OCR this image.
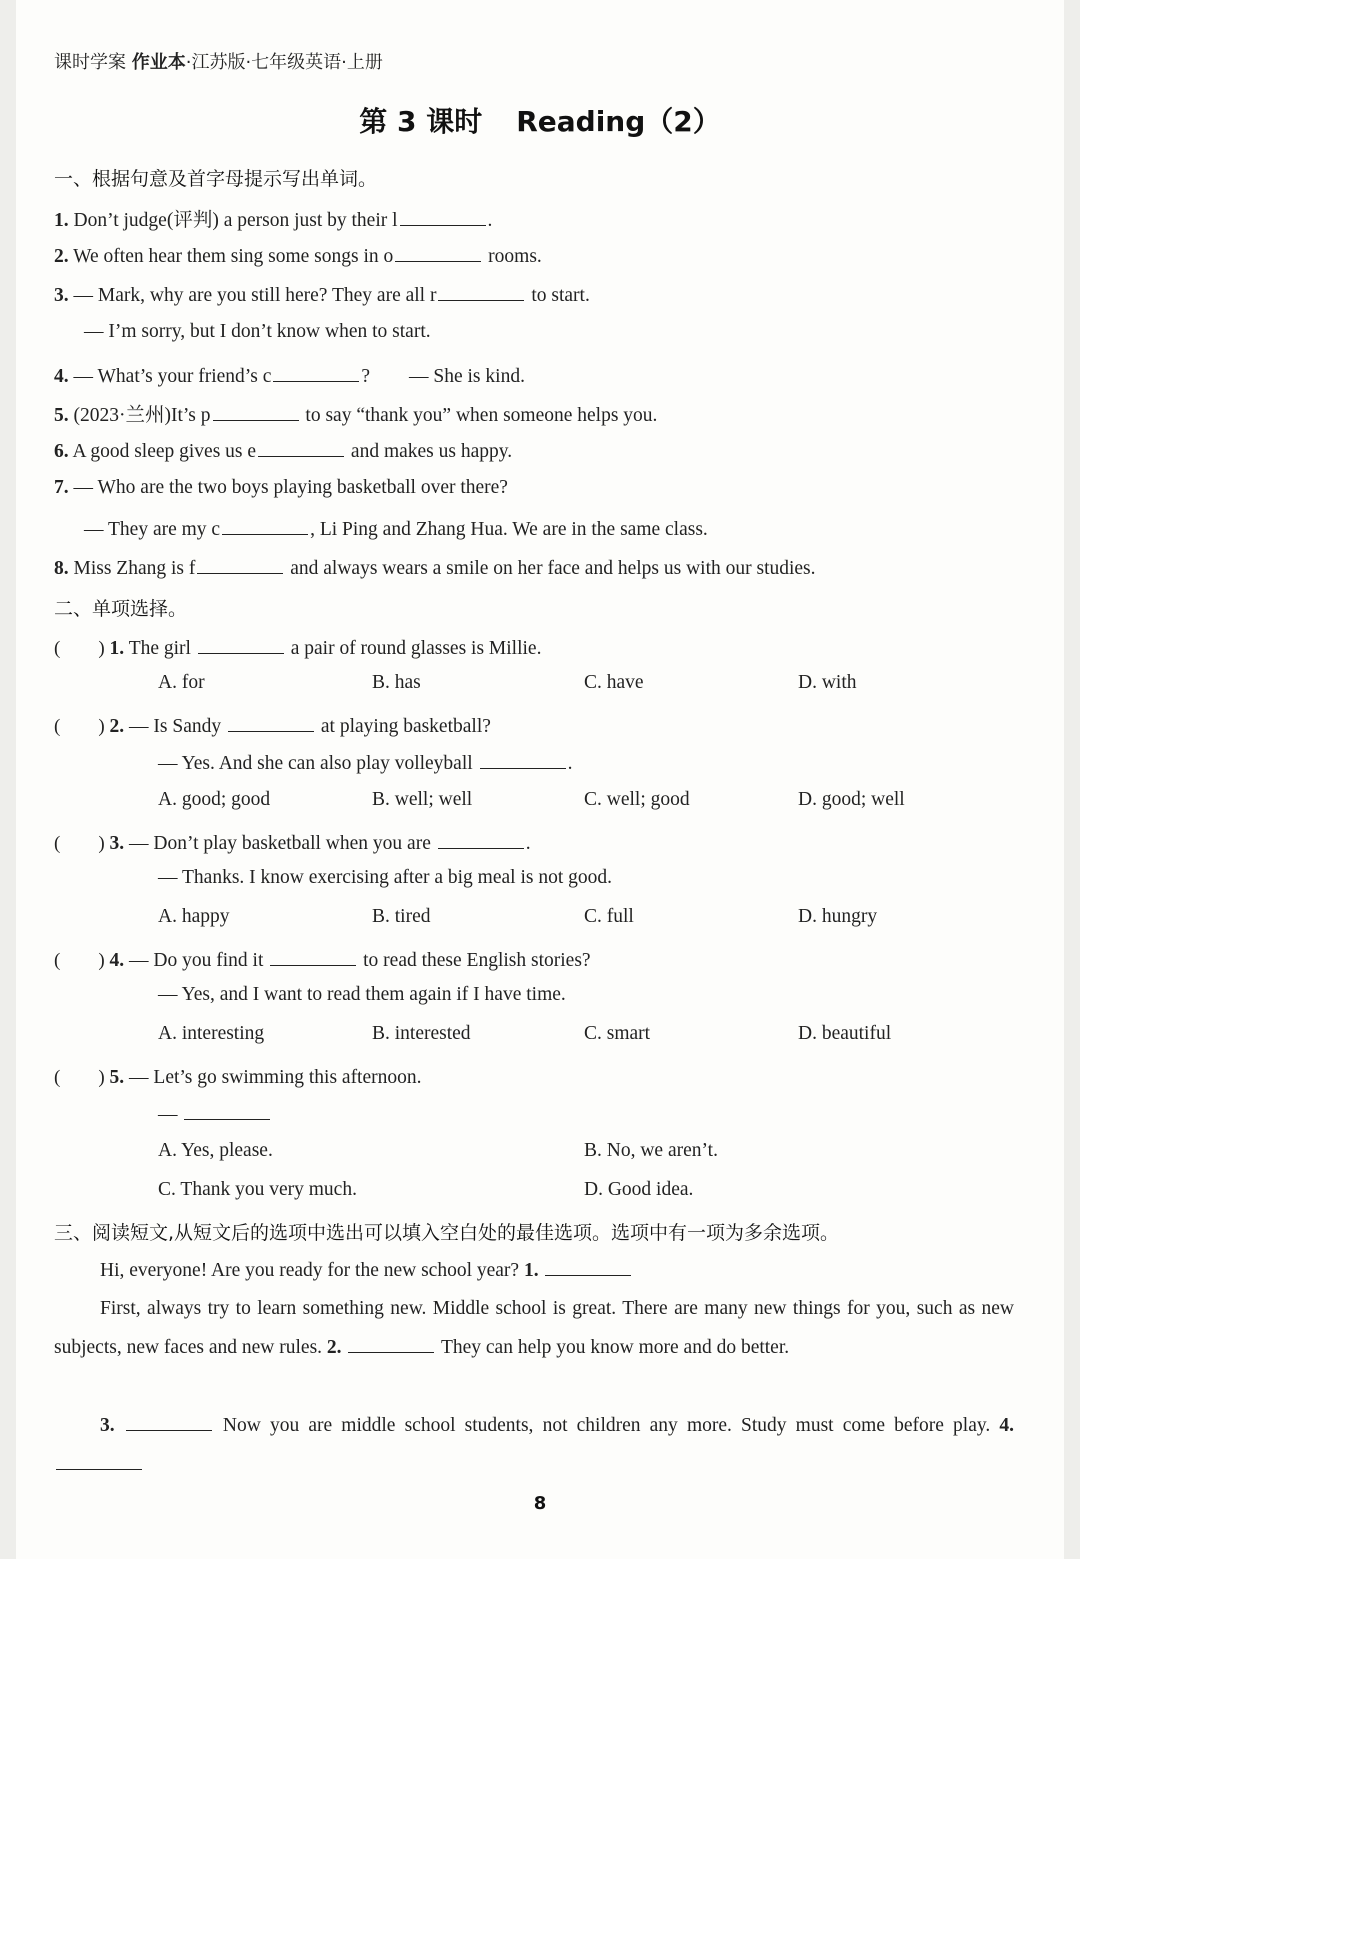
课时学案 作业本·江苏版·七年级英语·上册
第 3 课时 Reading（2）
一、根据句意及首字母提示写出单词。
1. Don’t judge(评判) a person just by their l	.
2. We often hear them sing some songs in o	rooms.
3. — Mark, why are you still here? They are all r	to start.
— I’m sorry, but I don’t know when to start.
4. — What’s your friend’s c	?　　— She is kind.
5. (2023·兰州)It’s p	to say “thank you” when someone helps you.
6. A good sleep gives us e	and makes us happy.
7. — Who are the two boys playing basketball over there?
— They are my c	, Li Ping and Zhang Hua. We are in the same class.
8. Miss Zhang is f	and always wears a smile on her face and helps us with our studies.
二、单项选择。
(　　) 1. The girl	a pair of round glasses is Millie.
A. for	B. has	C. have	D. with
(　　) 2. — Is Sandy	at playing basketball?
— Yes. And she can also play volleyball	.
A. good; good	B. well; well	C. well; good	D. good; well
(　　) 3. — Don’t play basketball when you are	.
— Thanks. I know exercising after a big meal is not good.
A. happy	B. tired	C. full	D. hungry
(　　) 4. — Do you find it	to read these English stories?
— Yes, and I want to read them again if I have time.
A. interesting	B. interested	C. smart	D. beautiful
(　　) 5. — Let’s go swimming this afternoon.
—
A. Yes, please.	B. No, we aren’t.
C. Thank you very much.	D. Good idea.
三、阅读短文,从短文后的选项中选出可以填入空白处的最佳选项。选项中有一项为多余选项。
Hi, everyone! Are you ready for the new school year? 1.
First, always try to learn something new. Middle school is great. There are many new things for you, such as new subjects, new faces and new rules. 2.	They can help you know more and do better.
3.	Now you are middle school students, not children any more. Study must come before play. 4.
8
